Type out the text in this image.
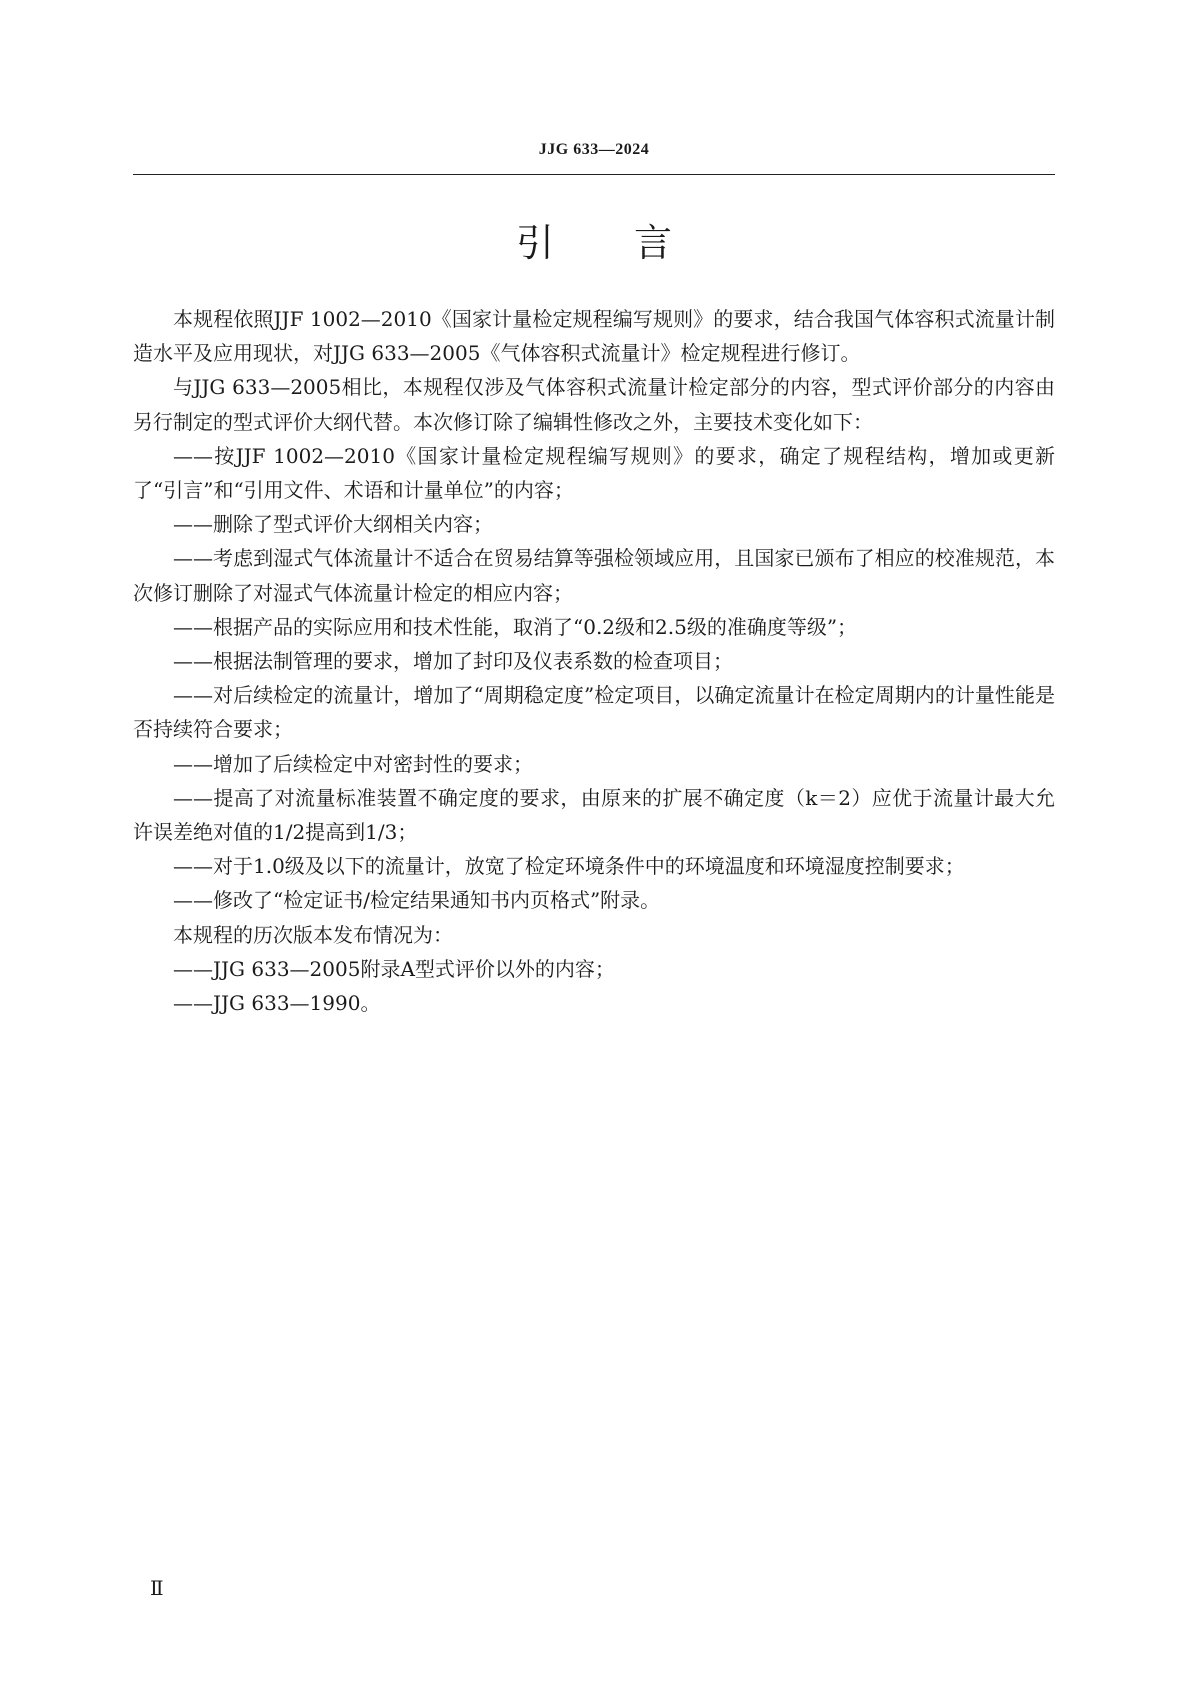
JJG 633—2024
引 言

本规程依照JJF 1002—2010《国家计量检定规程编写规则》的要求，结合我国气体容积式流量计制造水平及应用现状，对JJG 633—2005《气体容积式流量计》检定规程进行修订。

与JJG 633—2005相比，本规程仅涉及气体容积式流量计检定部分的内容，型式评价部分的内容由另行制定的型式评价大纲代替。本次修订除了编辑性修改之外，主要技术变化如下：

——按JJF 1002—2010《国家计量检定规程编写规则》的要求，确定了规程结构，增加或更新了“引言”和“引用文件、术语和计量单位”的内容；

——删除了型式评价大纲相关内容；

——考虑到湿式气体流量计不适合在贸易结算等强检领域应用，且国家已颁布了相应的校准规范，本次修订删除了对湿式气体流量计检定的相应内容；

——根据产品的实际应用和技术性能，取消了“0.2级和2.5级的准确度等级”；

——根据法制管理的要求，增加了封印及仪表系数的检查项目；

——对后续检定的流量计，增加了“周期稳定度”检定项目，以确定流量计在检定周期内的计量性能是否持续符合要求；

——增加了后续检定中对密封性的要求；

——提高了对流量标准装置不确定度的要求，由原来的扩展不确定度（k＝2）应优于流量计最大允许误差绝对值的1/2提高到1/3；

——对于1.0级及以下的流量计，放宽了检定环境条件中的环境温度和环境湿度控制要求；

——修改了“检定证书/检定结果通知书内页格式”附录。

本规程的历次版本发布情况为：

——JJG 633—2005附录A型式评价以外的内容；

——JJG 633—1990。

Ⅱ
